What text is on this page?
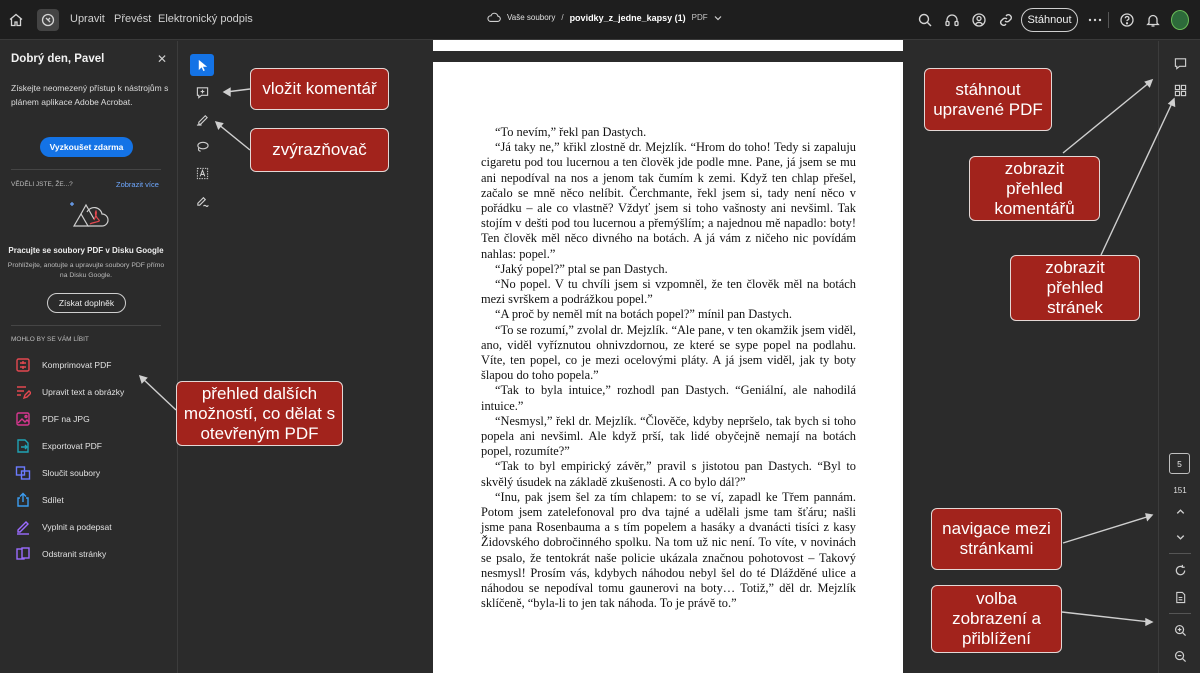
Upravit Převést Elektronický podpis	Vaše soubory / povidky_z_jedne_kapsy (1) PDF	Stáhnout
Dobrý den, Pavel	✕
Získejte neomezený přístup k nástrojům s plánem aplikace Adobe Acrobat.
Vyzkoušet zdarma
VĚDĚLI JSTE, ŽE...?	Zobrazit více
Pracujte se soubory PDF v Disku Google
Prohlížejte, anotujte a upravujte soubory PDF přímo na Disku Google.
Získat doplněk
MOHLO BY SE VÁM LÍBIT
Komprimovat PDF
Upravit text a obrázky
PDF na JPG
Exportovat PDF
Sloučit soubory
Sdílet
Vyplnit a podepsat
Odstranit stránky

“To nevím,” řekl pan Dastych.

“Já taky ne,” křikl zlostně dr. Mejzlík. “Hrom do toho! Tedy si zapaluju cigaretu pod tou lucernou a ten člověk jde podle mne. Pane, já jsem se mu ani nepodíval na nos a jenom tak čumím k zemi. Když ten chlap přešel, začalo se mně něco nelíbit. Čerchmante, řekl jsem si, tady není něco v pořádku – ale co vlastně? Vždyť jsem si toho vašnosty ani nevšiml. Tak stojím v dešti pod tou lucernou a přemýšlím; a najednou mě napadlo: boty! Ten člověk měl něco divného na botách. A já vám z ničeho nic povídám nahlas: popel.”

“Jaký popel?” ptal se pan Dastych.

“No popel. V tu chvíli jsem si vzpomněl, že ten člověk měl na botách mezi svrškem a podrážkou popel.”

“A proč by neměl mít na botách popel?” mínil pan Dastych.

“To se rozumí,” zvolal dr. Mejzlík. “Ale pane, v ten okamžik jsem viděl, ano, viděl vyříznutou ohnivzdornou, ze které se sype popel na podlahu. Víte, ten popel, co je mezi ocelovými pláty. A já jsem viděl, jak ty boty šlapou do toho popela.”

“Tak to byla intuice,” rozhodl pan Dastych. “Geniální, ale nahodilá intuice.”

“Nesmysl,” řekl dr. Mejzlík. “Člověče, kdyby nepršelo, tak bych si toho popela ani nevšiml. Ale když prší, tak lidé obyčejně nemají na botách popel, rozumíte?”

“Tak to byl empirický závěr,” pravil s jistotou pan Dastych. “Byl to skvělý úsudek na základě zkušenosti. A co bylo dál?”

“Inu, pak jsem šel za tím chlapem: to se ví, zapadl ke Třem pannám. Potom jsem zatelefonoval pro dva tajné a udělali jsme tam šťáru; našli jsme pana Rosenbauma a s tím popelem a hasáky a dvanácti tisíci z kasy Židovského dobročinného spolku. Na tom už nic není. To víte, v novinách se psalo, že tentokrát naše policie ukázala značnou pohotovost – Takový nesmysl! Prosím vás, kdybych náhodou nebyl šel do té Dlážděné ulice a náhodou se nepodíval tomu gaunerovi na boty… Totiž,” děl dr. Mejzlík sklíčeně, “byla-li to jen tak náhoda. To je právě to.”

5
151
vložit komentář
zvýrazňovač
stáhnout upravené PDF
zobrazit přehled komentářů
zobrazit přehled stránek
přehled dalších možností, co dělat s otevřeným PDF
navigace mezi stránkami
volba zobrazení a přiblížení
